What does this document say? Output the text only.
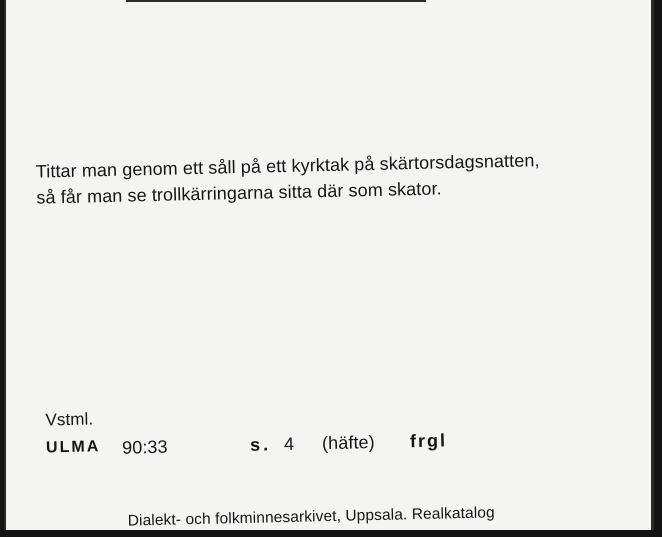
Tittar man genom ett såll på ett kyrktak på skärtorsdagsnatten,
så får man se trollkärringarna sitta där som skator.
Vstml.
ULMA 90:33	s. 4 (häfte) frgl
Dialekt- och folkminnesarkivet, Uppsala. Realkatalog
